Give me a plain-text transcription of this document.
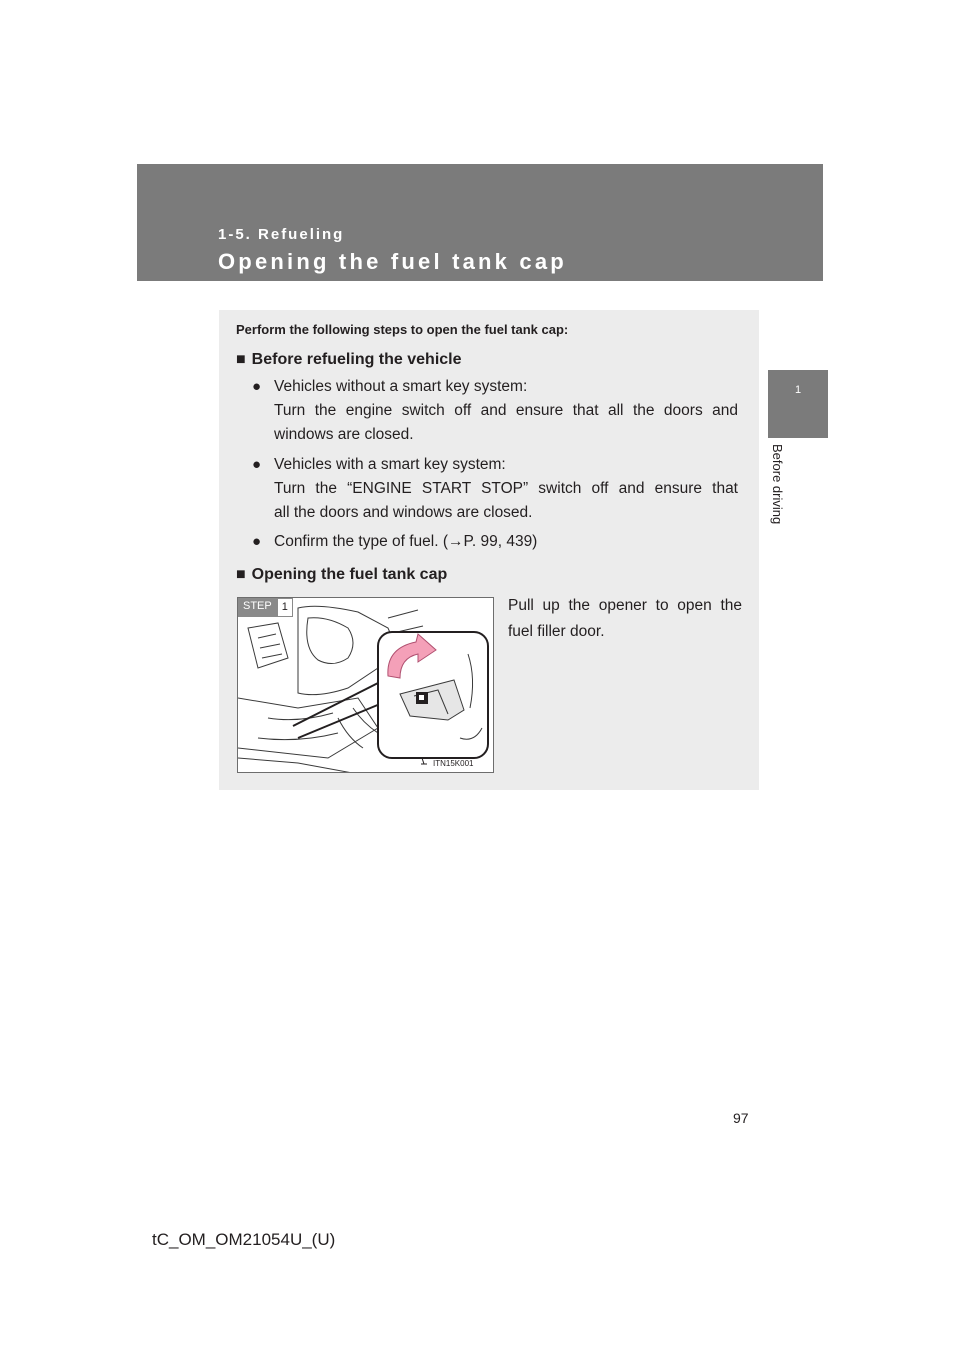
1-5. Refueling
Opening the fuel tank cap
1
Before driving
Perform the following steps to open the fuel tank cap:
■ Before refueling the vehicle
● Vehicles without a smart key system:
Turn the engine switch off and ensure that all the doors and
windows are closed.
● Vehicles with a smart key system:
Turn the “ENGINE START STOP” switch off and ensure that
all the doors and windows are closed.
● Confirm the type of fuel. (→P. 99, 439)
■ Opening the fuel tank cap
STEP 1
ITN15K001
Pull up the opener to open the
fuel filler door.
97
tC_OM_OM21054U_(U)
